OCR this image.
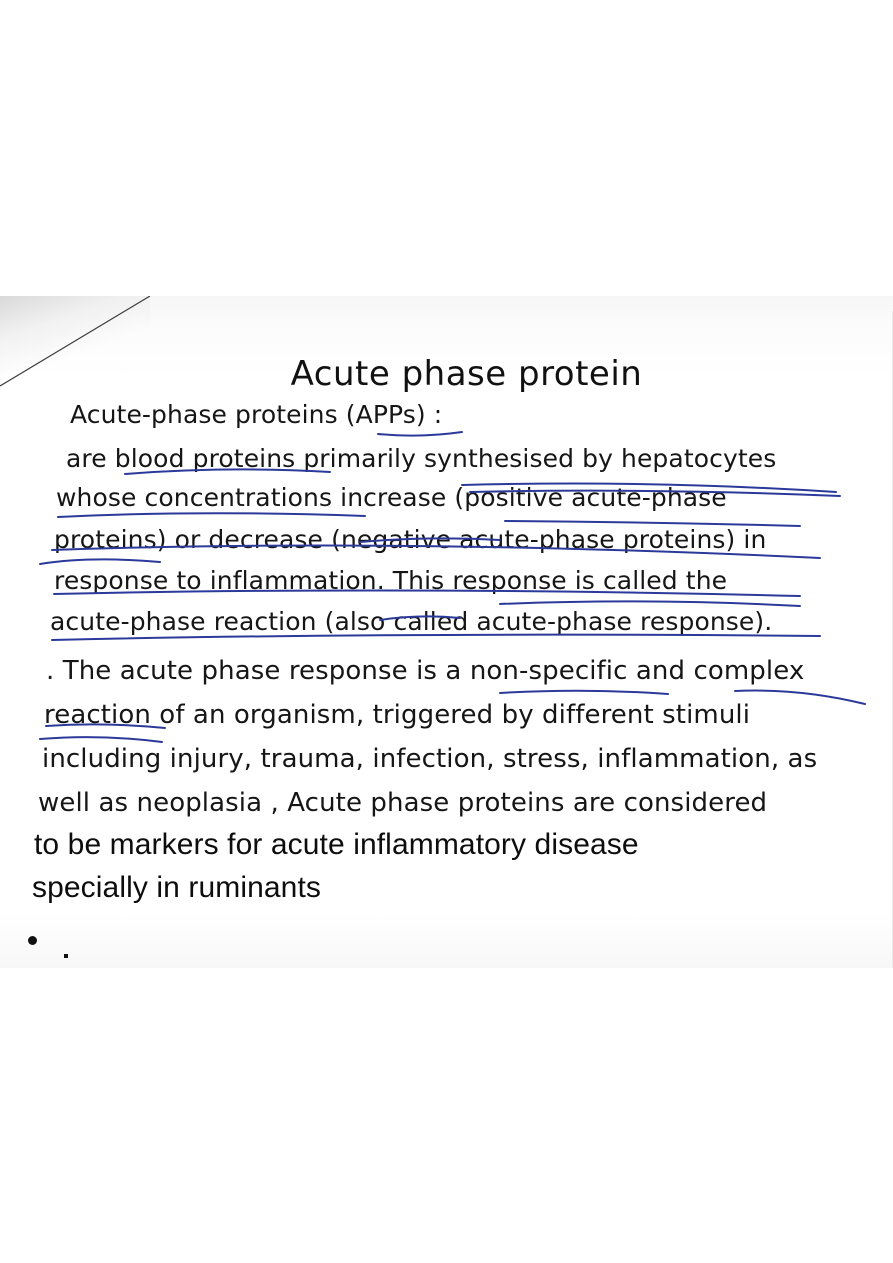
Acute phase protein
Acute-phase proteins (APPs) :
are blood proteins primarily synthesised by hepatocytes
whose concentrations increase (positive acute-phase
proteins) or decrease (negative acute-phase proteins) in
response to inflammation. This response is called the
acute-phase reaction (also called acute-phase response).
. The acute phase response is a non-specific and complex
reaction of an organism, triggered by different stimuli
including injury, trauma, infection, stress, inflammation, as
well as neoplasia , Acute phase proteins are considered
to be markers for acute inflammatory disease
specially in ruminants
